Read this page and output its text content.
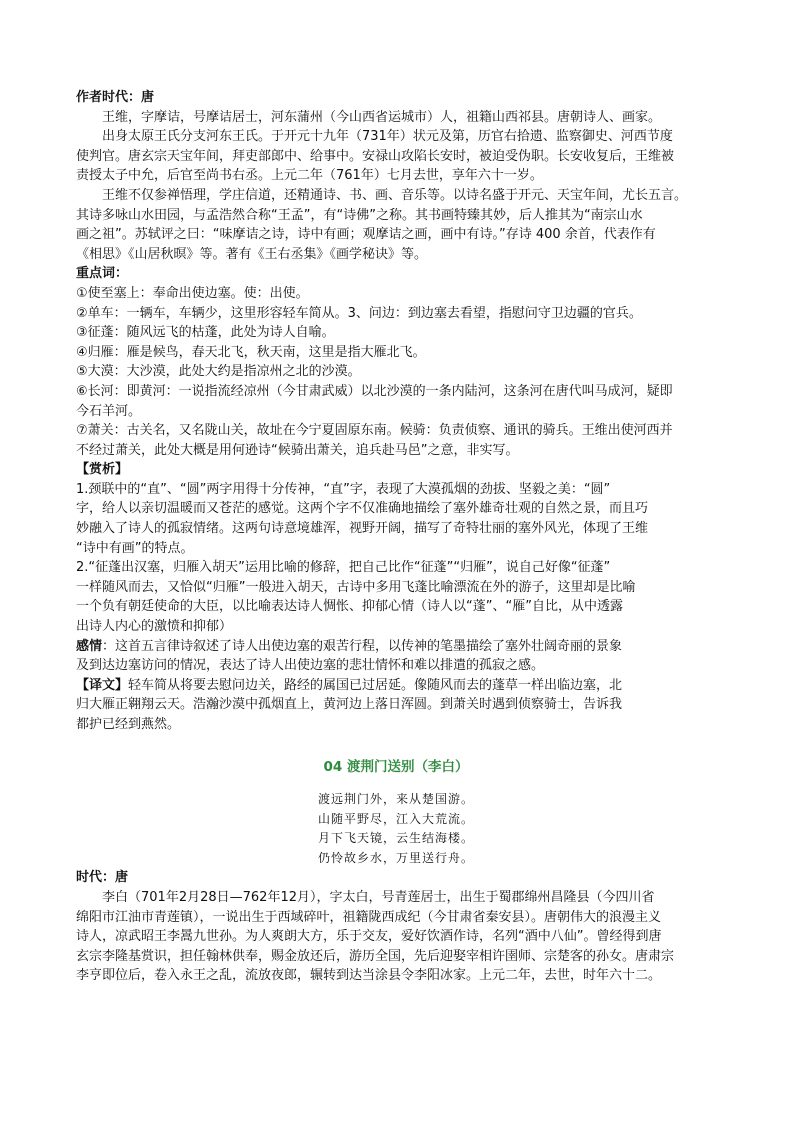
作者时代：唐

王维，字摩诘，号摩诘居士，河东蒲州（今山西省运城市）人，祖籍山西祁县。唐朝诗人、画家。

出身太原王氏分支河东王氏。于开元十九年（731年）状元及第，历官右拾遗、监察御史、河西节度

使判官。唐玄宗天宝年间，拜吏部郎中、给事中。安禄山攻陷长安时，被迫受伪职。长安收复后，王维被

责授太子中允，后官至尚书右丞。上元二年（761年）七月去世，享年六十一岁。

王维不仅参禅悟理，学庄信道，还精通诗、书、画、音乐等。以诗名盛于开元、天宝年间，尤长五言。

其诗多咏山水田园，与孟浩然合称“王孟”，有“诗佛”之称。其书画特臻其妙，后人推其为“南宗山水

画之祖”。苏轼评之曰：“味摩诘之诗，诗中有画；观摩诘之画，画中有诗。”存诗 400 余首，代表作有

《相思》《山居秋暝》等。著有《王右丞集》《画学秘诀》等。

重点词：

①使至塞上：奉命出使边塞。使：出使。

②单车：一辆车，车辆少，这里形容轻车简从。3、问边：到边塞去看望，指慰问守卫边疆的官兵。

③征蓬：随风远飞的枯蓬，此处为诗人自喻。

④归雁：雁是候鸟，春天北飞，秋天南，这里是指大雁北飞。

⑤大漠：大沙漠，此处大约是指凉州之北的沙漠。

⑥长河：即黄河：一说指流经凉州（今甘肃武威）以北沙漠的一条内陆河，这条河在唐代叫马成河，疑即

今石羊河。

⑦萧关：古关名，又名陇山关，故址在今宁夏固原东南。候骑：负责侦察、通讯的骑兵。王维出使河西并

不经过萧关，此处大概是用何逊诗“候骑出萧关，追兵赴马邑”之意，非实写。

【赏析】

1.颈联中的“直”、“圆”两字用得十分传神，“直”字，表现了大漠孤烟的劲拔、坚毅之美：“圆”

字，给人以亲切温暖而又苍茫的感觉。这两个字不仅准确地描绘了塞外雄奇壮观的自然之景，而且巧

妙融入了诗人的孤寂情绪。这两句诗意境雄浑，视野开阔，描写了奇特壮丽的塞外风光，体现了王维

“诗中有画”的特点。

2.“征蓬出汉塞，归雁入胡天”运用比喻的修辞，把自己比作“征蓬”“归雁”，说自己好像“征蓬”

一样随风而去，又恰似“归雁”一般进入胡天，古诗中多用飞蓬比喻漂流在外的游子，这里却是比喻

一个负有朝廷使命的大臣，以比喻表达诗人惆怅、抑郁心情（诗人以“蓬”、“雁”自比，从中透露

出诗人内心的激愤和抑郁）

感情：这首五言律诗叙述了诗人出使边塞的艰苦行程，以传神的笔墨描绘了塞外壮阔奇丽的景象

及到达边塞访问的情况，表达了诗人出使边塞的悲壮情怀和难以排遣的孤寂之感。

【译文】轻车简从将要去慰问边关，路经的属国已过居延。像随风而去的蓬草一样出临边塞，北

归大雁正翱翔云天。浩瀚沙漠中孤烟直上，黄河边上落日浑圆。到萧关时遇到侦察骑士，告诉我

都护已经到燕然。

04 渡荆门送别（李白）

渡远荆门外，来从楚国游。

山随平野尽，江入大荒流。

月下飞天镜，云生结海楼。

仍怜故乡水，万里送行舟。

时代：唐

李白（701年2月28日—762年12月），字太白，号青莲居士，出生于蜀郡绵州昌隆县（今四川省

绵阳市江油市青莲镇），一说出生于西域碎叶，祖籍陇西成纪（今甘肃省秦安县）。唐朝伟大的浪漫主义

诗人，凉武昭王李暠九世孙。为人爽朗大方，乐于交友，爱好饮酒作诗，名列“酒中八仙”。曾经得到唐

玄宗李隆基赏识，担任翰林供奉，赐金放还后，游历全国，先后迎娶宰相许圉师、宗楚客的孙女。唐肃宗

李亨即位后，卷入永王之乱，流放夜郎，辗转到达当涂县令李阳冰家。上元二年，去世，时年六十二。
